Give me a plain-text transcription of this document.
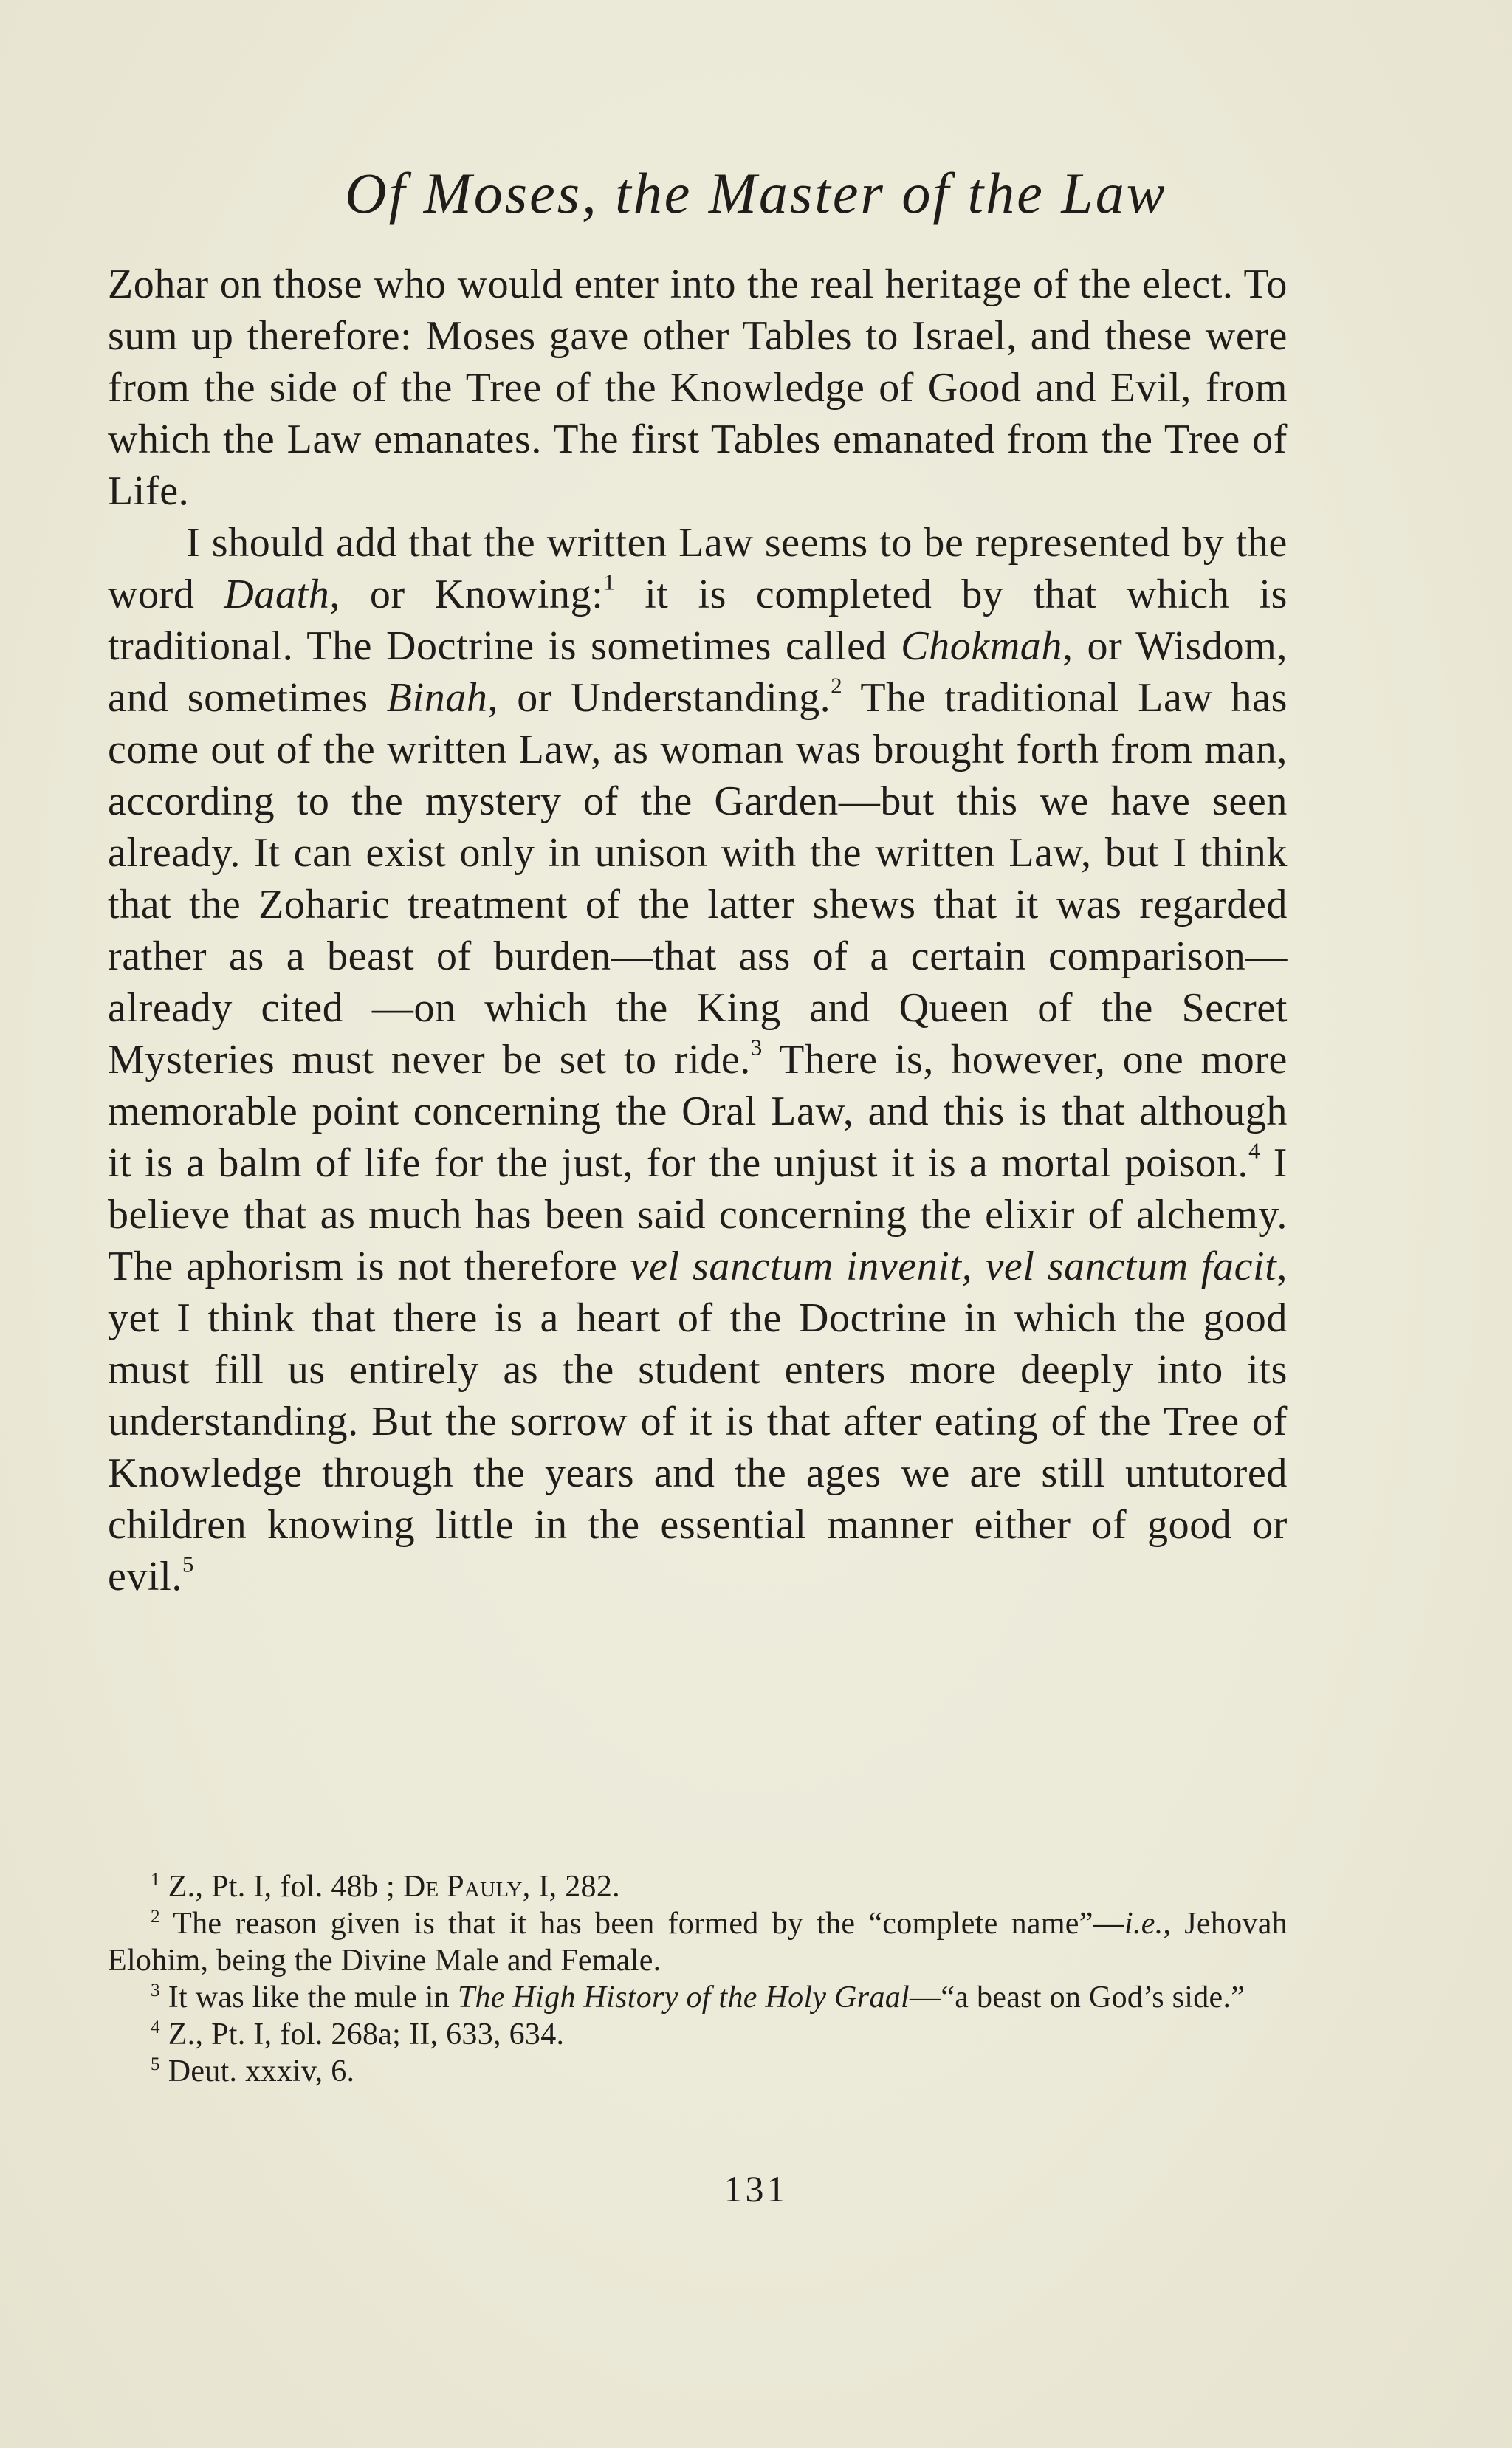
Of Moses, the Master of the Law

Zohar on those who would enter into the real heritage of the elect. To sum up therefore: Moses gave other Tables to Israel, and these were from the side of the Tree of the Knowledge of Good and Evil, from which the Law emanates. The first Tables emanated from the Tree of Life.

I should add that the written Law seems to be represented by the word Daath, or Knowing:$^1$ it is completed by that which is traditional. The Doctrine is sometimes called Chokmah, or Wisdom, and sometimes Binah, or Understanding.$^2$ The traditional Law has come out of the written Law, as woman was brought forth from man, according to the mystery of the Garden—but this we have seen already. It can exist only in unison with the written Law, but I think that the Zoharic treatment of the latter shews that it was regarded rather as a beast of burden—that ass of a certain comparison—already cited —on which the King and Queen of the Secret Mysteries must never be set to ride.$^3$ There is, however, one more memorable point concerning the Oral Law, and this is that although it is a balm of life for the just, for the unjust it is a mortal poison.$^4$ I believe that as much has been said concerning the elixir of alchemy. The aphorism is not therefore vel sanctum invenit, vel sanctum facit, yet I think that there is a heart of the Doctrine in which the good must fill us entirely as the student enters more deeply into its understanding. But the sorrow of it is that after eating of the Tree of Knowledge through the years and the ages we are still untutored children knowing little in the essential manner either of good or evil.$^5$

$^1$ Z., Pt. I, fol. 48b ; De Pauly, I, 282.

$^2$ The reason given is that it has been formed by the “complete name”—i.e., Jehovah Elohim, being the Divine Male and Female.

$^3$ It was like the mule in The High History of the Holy Graal—“a beast on God’s side.”

$^4$ Z., Pt. I, fol. 268a; II, 633, 634.

$^5$ Deut. xxxiv, 6.

131
